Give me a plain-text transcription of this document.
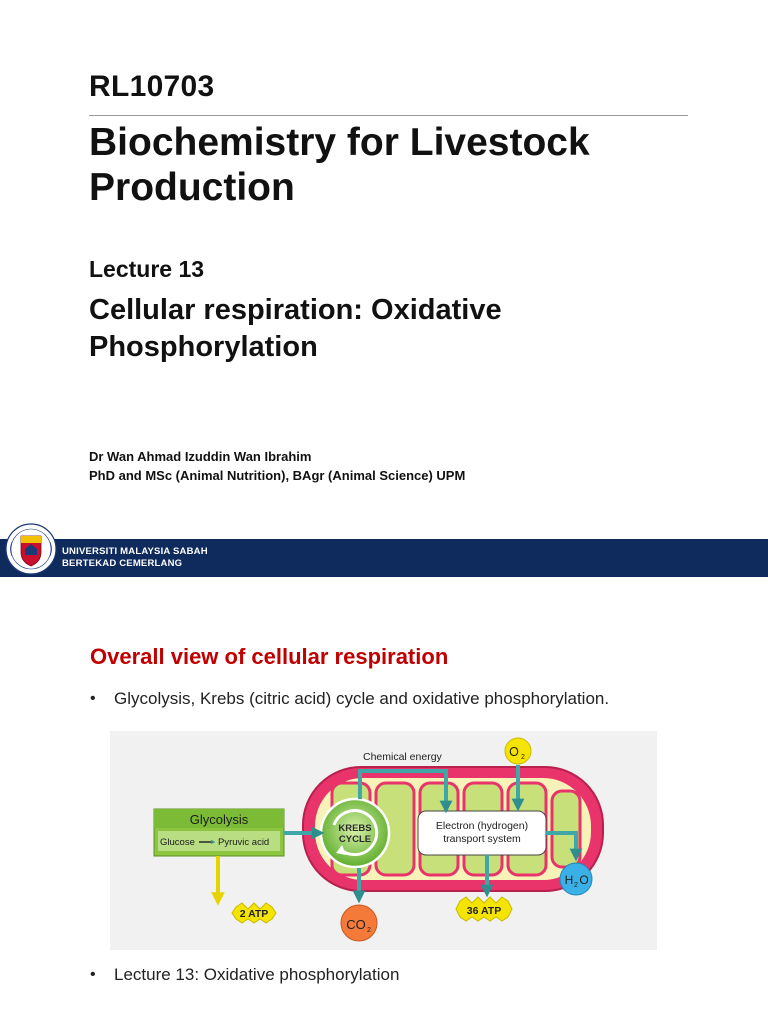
RL10703
Biochemistry for Livestock Production
Lecture 13
Cellular respiration: Oxidative Phosphorylation
Dr Wan Ahmad Izuddin Wan Ibrahim
PhD and MSc (Animal Nutrition), BAgr (Animal Science) UPM
UNIVERSITI MALAYSIA SABAH
BERTEKAD CEMERLANG
Overall view of cellular respiration
• Glycolysis, Krebs (citric acid) cycle and oxidative phosphorylation.
KREBS
CYCLE
Electron (hydrogen)
transport system
Glycolysis
Glucose Pyruvic acid
Chemical energy	O 2
CO 2
36 ATP
H 2 O
2 ATP
• Lecture 13: Oxidative phosphorylation
